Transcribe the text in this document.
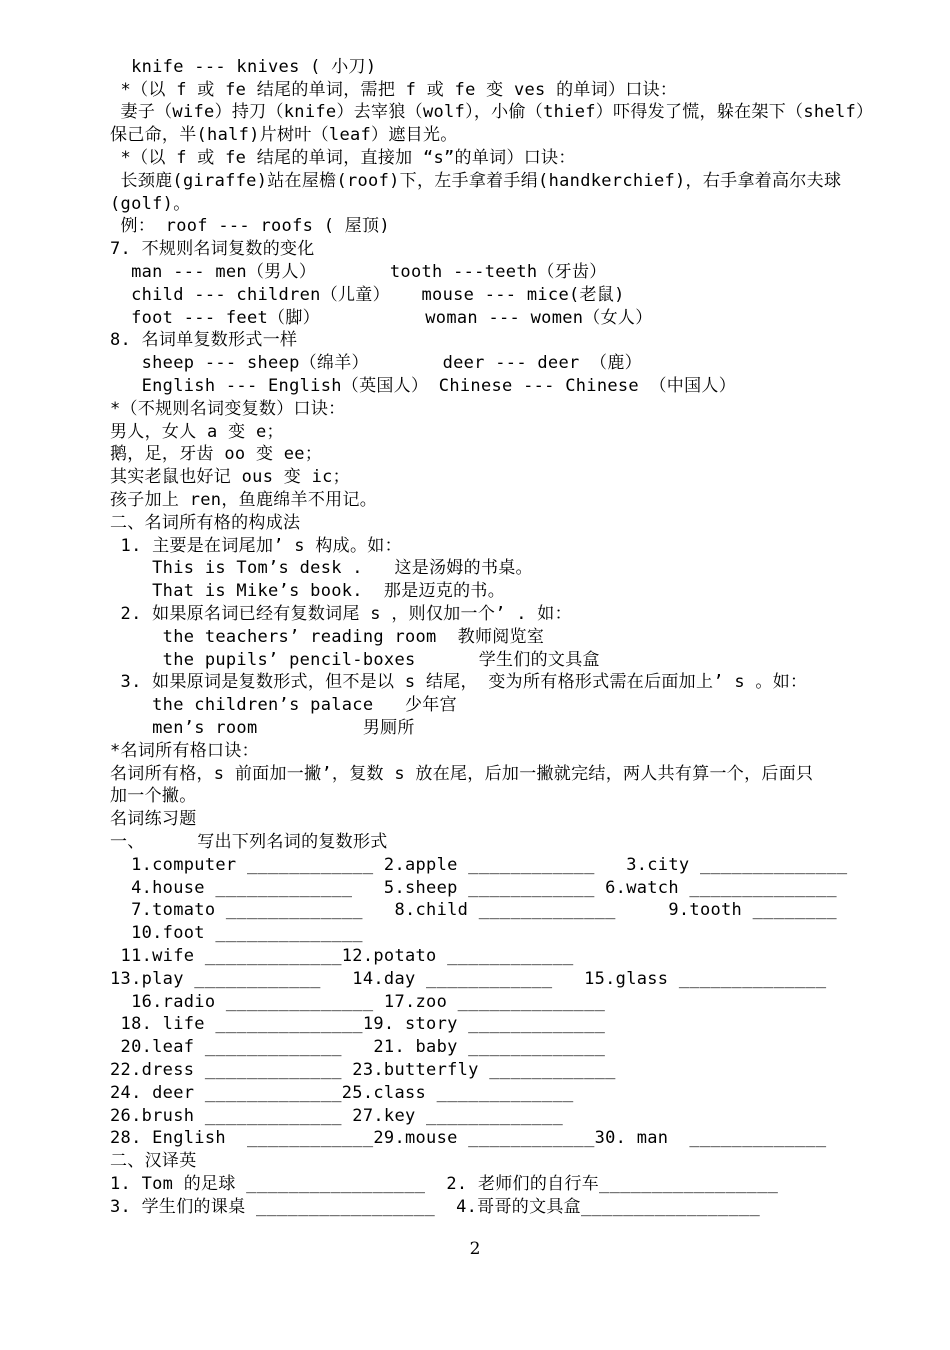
knife --- knives ( 小刀)
*（以 f 或 fe 结尾的单词，需把 f 或 fe 变 ves 的单词）口诀：
妻子（wife）持刀（knife）去宰狼（wolf），小偷（thief）吓得发了慌，躲在架下（shelf）
保己命，半(half)片树叶（leaf）遮目光。
*（以 f 或 fe 结尾的单词，直接加 “s”的单词）口诀：
长颈鹿(giraffe)站在屋檐(roof)下，左手拿着手绢(handkerchief)，右手拿着高尔夫球
(golf)。
例： roof --- roofs ( 屋顶)
7. 不规则名词复数的变化
man --- men（男人）       tooth ---teeth（牙齿）
child --- children（儿童）   mouse --- mice(老鼠)
foot --- feet（脚）          woman --- women（女人）
8. 名词单复数形式一样
sheep --- sheep（绵羊）       deer --- deer （鹿）
English --- English（英国人） Chinese --- Chinese （中国人）
*（不规则名词变复数）口诀：
男人，女人 a 变 e；
鹅，足，牙齿 oo 变 ee；
其实老鼠也好记 ous 变 ic；
孩子加上 ren，鱼鹿绵羊不用记。
二、名词所有格的构成法
1. 主要是在词尾加’ s 构成。如：
This is Tom’s desk .   这是汤姆的书桌。
That is Mike’s book.  那是迈克的书。
2. 如果原名词已经有复数词尾 s ，则仅加一个’ . 如：
the teachers’ reading room  教师阅览室
the pupils’ pencil-boxes      学生们的文具盒
3. 如果原词是复数形式，但不是以 s 结尾， 变为所有格形式需在后面加上’ s 。如：
the children’s palace   少年宫
men’s room          男厕所
*名词所有格口诀：
名词所有格，s 前面加一撇’，复数 s 放在尾，后加一撇就完结，两人共有算一个，后面只
加一个撇。
名词练习题
一、     写出下列名词的复数形式
1.computer ____________ 2.apple ____________   3.city ______________
4.house _____________   5.sheep ____________ 6.watch ______________
7.tomato _____________   8.child _____________     9.tooth ________
10.foot ______________
11.wife _____________12.potato ____________
13.play ____________   14.day ____________   15.glass ______________
16.radio ______________ 17.zoo ______________
18. life ______________19. story _____________
20.leaf _____________   21. baby _____________
22.dress _____________ 23.butterfly ____________
24. deer _____________25.class _____________
26.brush _____________ 27.key _____________
28. English  ____________29.mouse ____________30. man  _____________
二、汉译英
1. Tom 的足球 _________________  2. 老师们的自行车_________________
3. 学生们的课桌 _________________  4.哥哥的文具盒_________________
2
